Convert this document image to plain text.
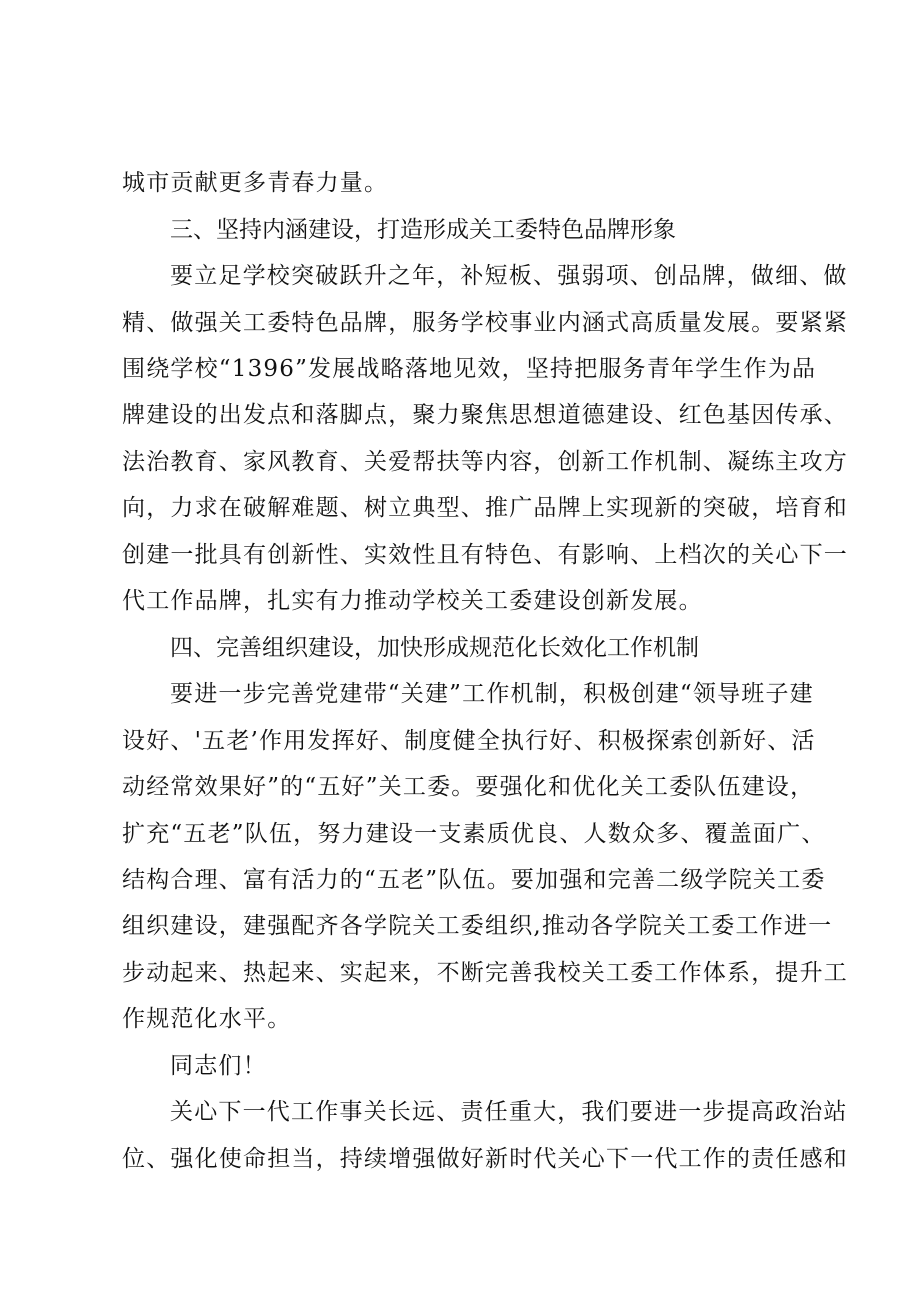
城市贡献更多青春力量。
三、坚持内涵建设，打造形成关工委特色品牌形象
要立足学校突破跃升之年，补短板、强弱项、创品牌，做细、做
精、做强关工委特色品牌，服务学校事业内涵式高质量发展。要紧紧
围绕学校“1396”发展战略落地见效，坚持把服务青年学生作为品
牌建设的出发点和落脚点，聚力聚焦思想道德建设、红色基因传承、
法治教育、家风教育、关爱帮扶等内容，创新工作机制、凝练主攻方
向，力求在破解难题、树立典型、推广品牌上实现新的突破，培育和
创建一批具有创新性、实效性且有特色、有影响、上档次的关心下一
代工作品牌，扎实有力推动学校关工委建设创新发展。
四、完善组织建设，加快形成规范化长效化工作机制
要进一步完善党建带“关建”工作机制，积极创建“领导班子建
设好、'五老’作用发挥好、制度健全执行好、积极探索创新好、活
动经常效果好”的“五好”关工委。要强化和优化关工委队伍建设，
扩充“五老”队伍，努力建设一支素质优良、人数众多、覆盖面广、
结构合理、富有活力的“五老”队伍。要加强和完善二级学院关工委
组织建设，建强配齐各学院关工委组织,推动各学院关工委工作进一
步动起来、热起来、实起来，不断完善我校关工委工作体系，提升工
作规范化水平。
同志们！
关心下一代工作事关长远、责任重大，我们要进一步提高政治站
位、强化使命担当，持续增强做好新时代关心下一代工作的责任感和
